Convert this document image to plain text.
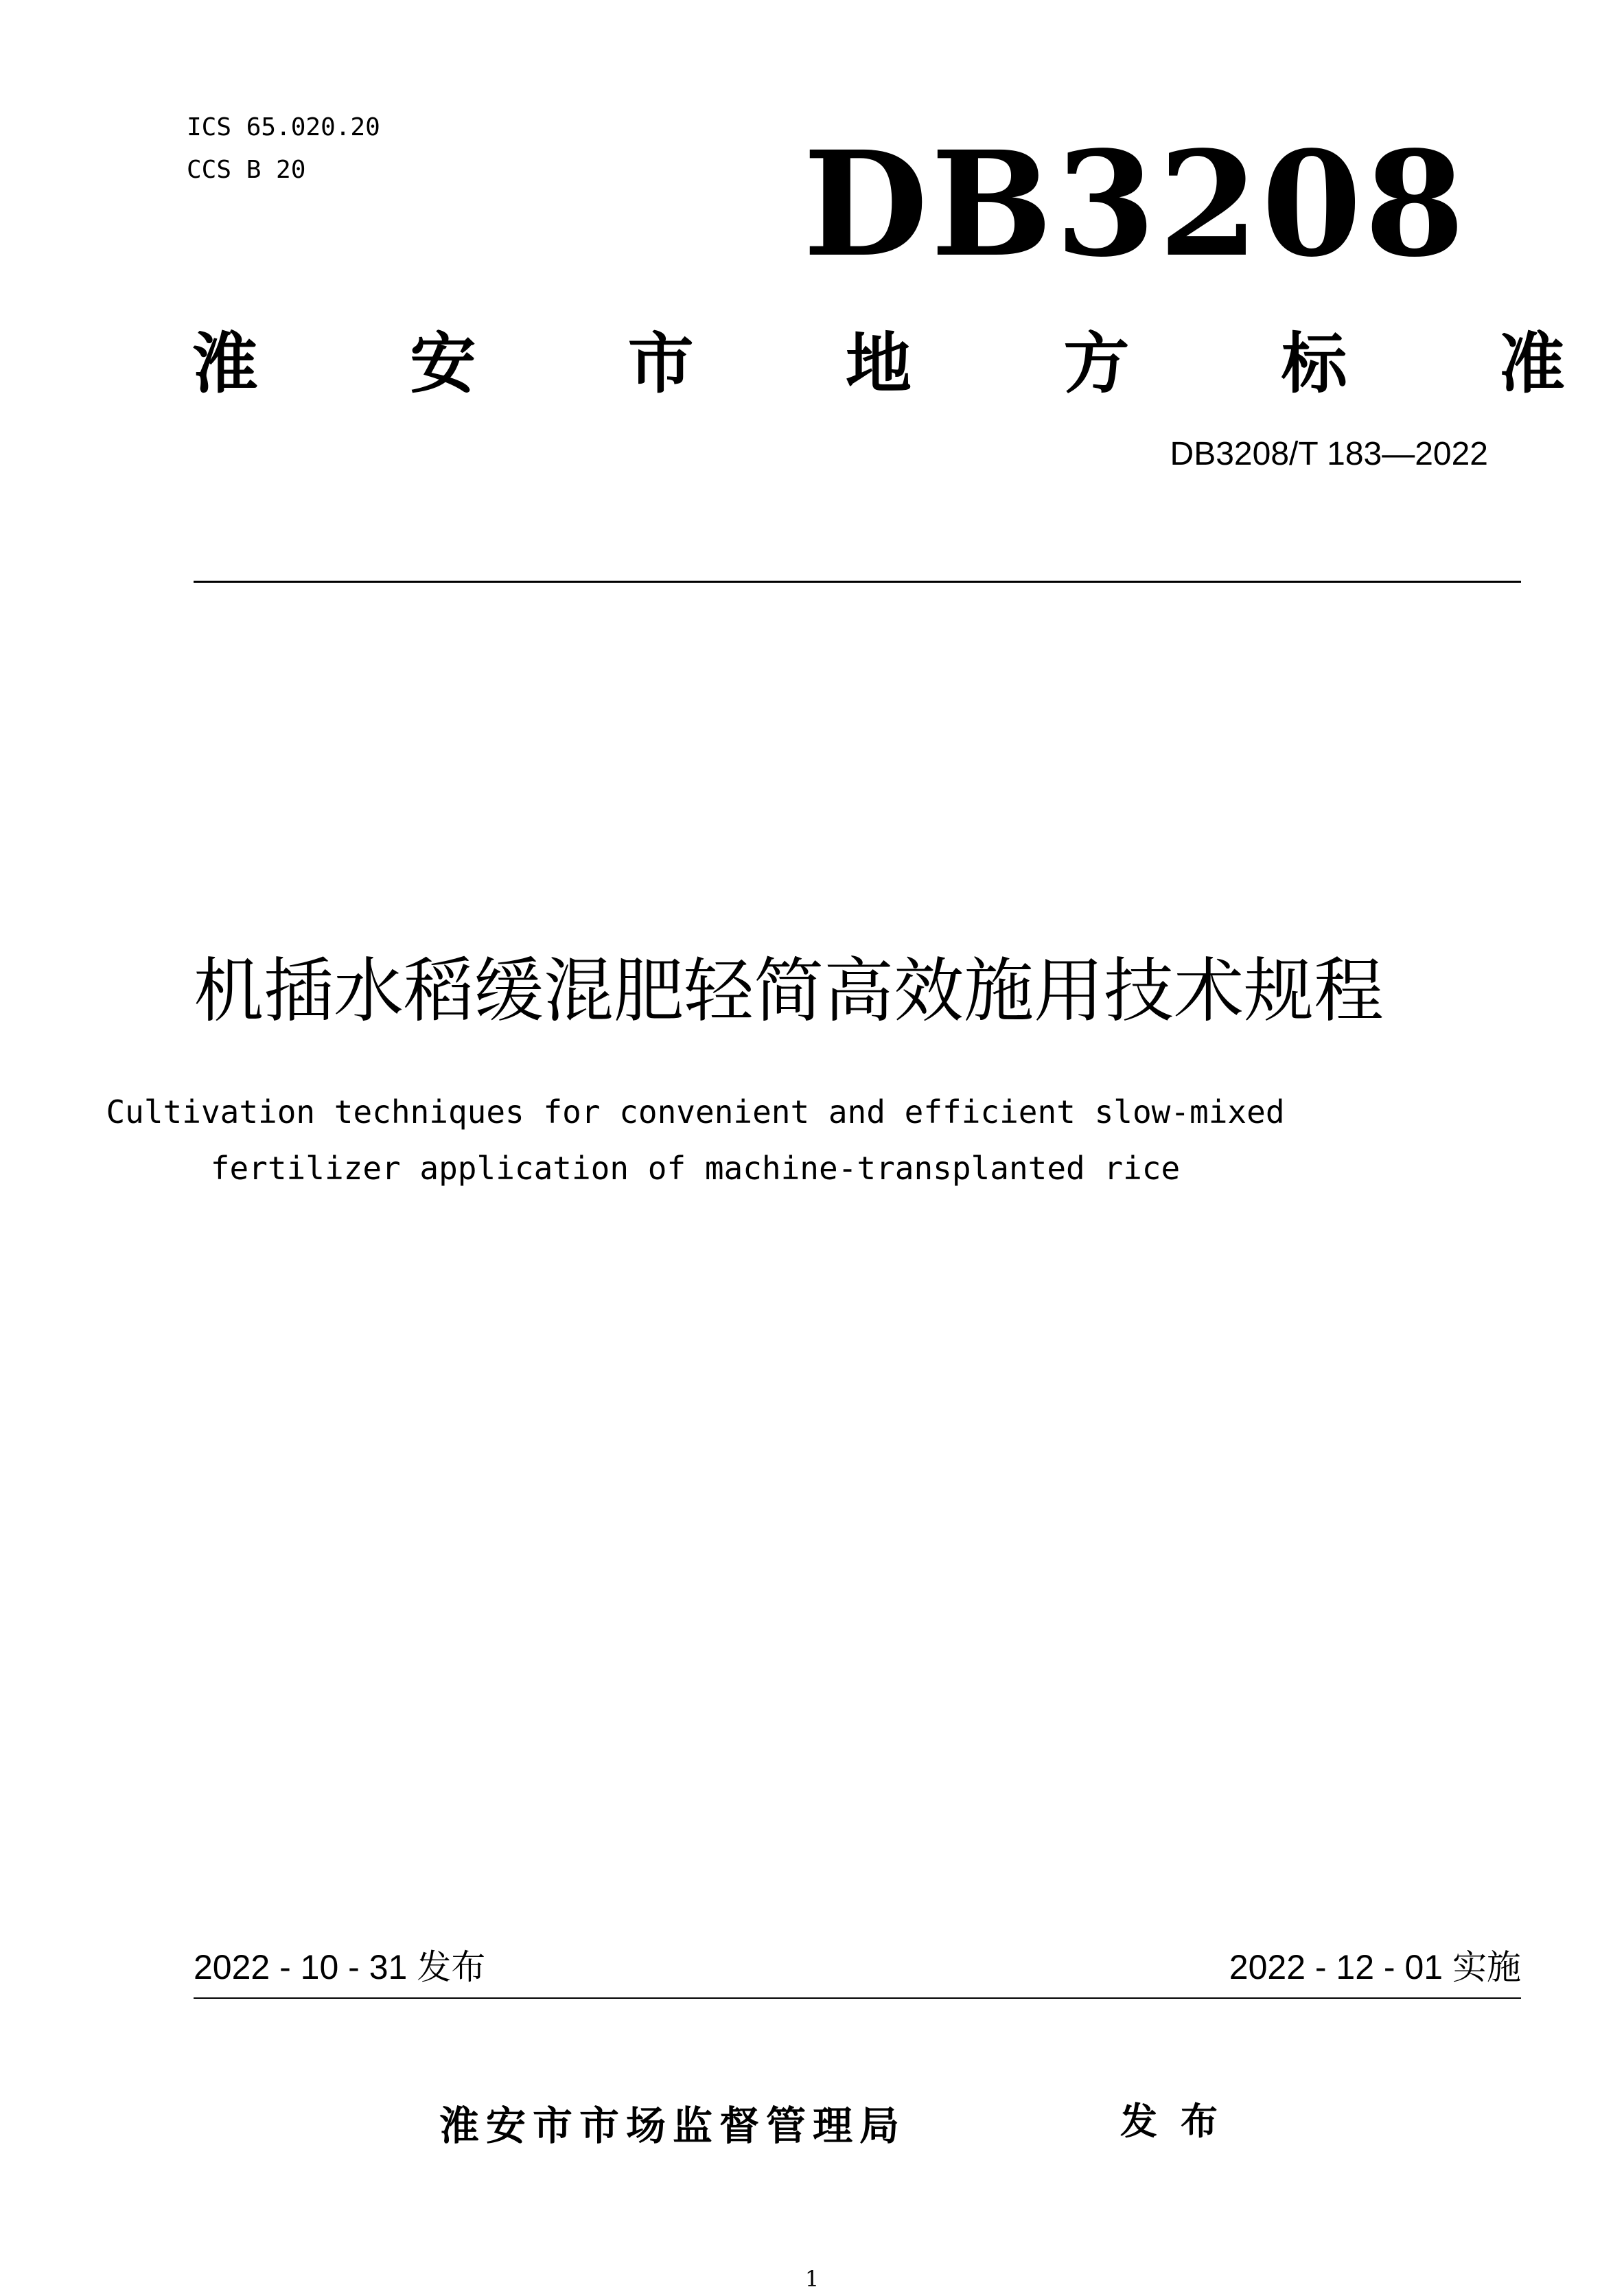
ICS 65.020.20
CCS B 20	DB3208
淮 安 市 地 方 标 准
DB3208/T 183—2022
机插水稻缓混肥轻简高效施用技术规程
Cultivation techniques for convenient and efficient slow-mixed
fertilizer application of machine-transplanted rice
2022 - 10 - 31 发布	2022 - 12 - 01 实施
淮安市市场监督管理局	发布
1
